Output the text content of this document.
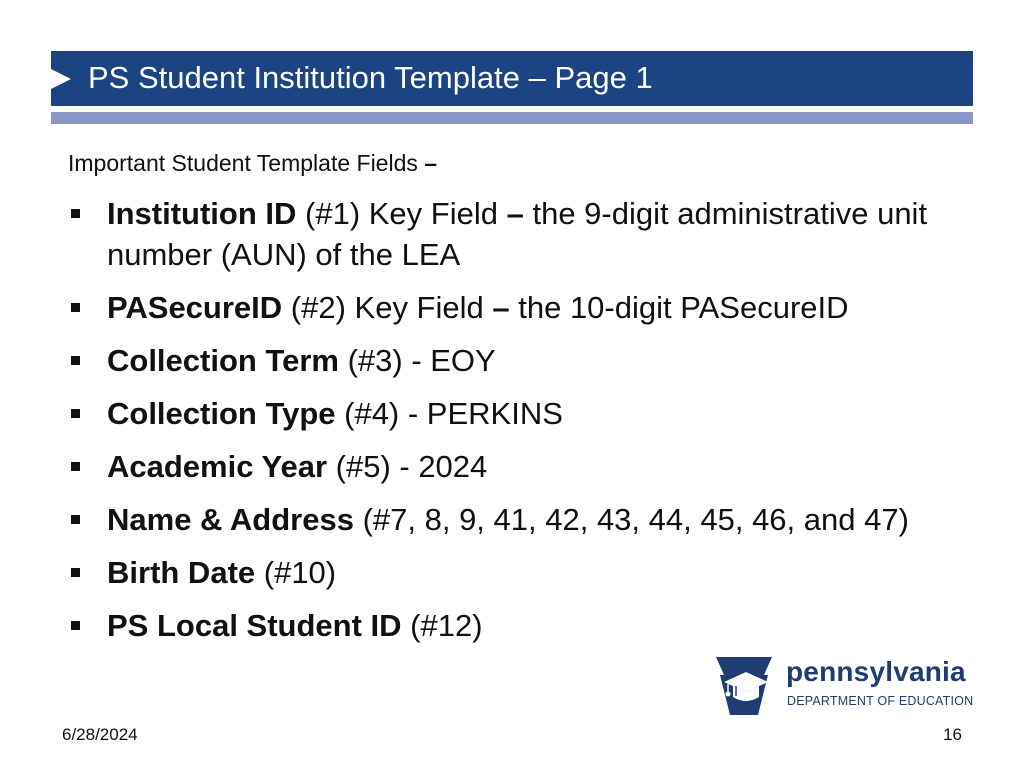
PS Student Institution Template – Page 1
Important Student Template Fields –
Institution ID (#1) Key Field – the 9-digit administrative unit number (AUN) of the LEA
PASecureID (#2) Key Field – the 10-digit PASecureID
Collection Term (#3) - EOY
Collection Type (#4) - PERKINS
Academic Year (#5) - 2024
Name & Address (#7, 8, 9, 41, 42, 43, 44, 45, 46, and 47)
Birth Date (#10)
PS Local Student ID (#12)
pennsylvania
DEPARTMENT OF EDUCATION
6/28/2024	16
